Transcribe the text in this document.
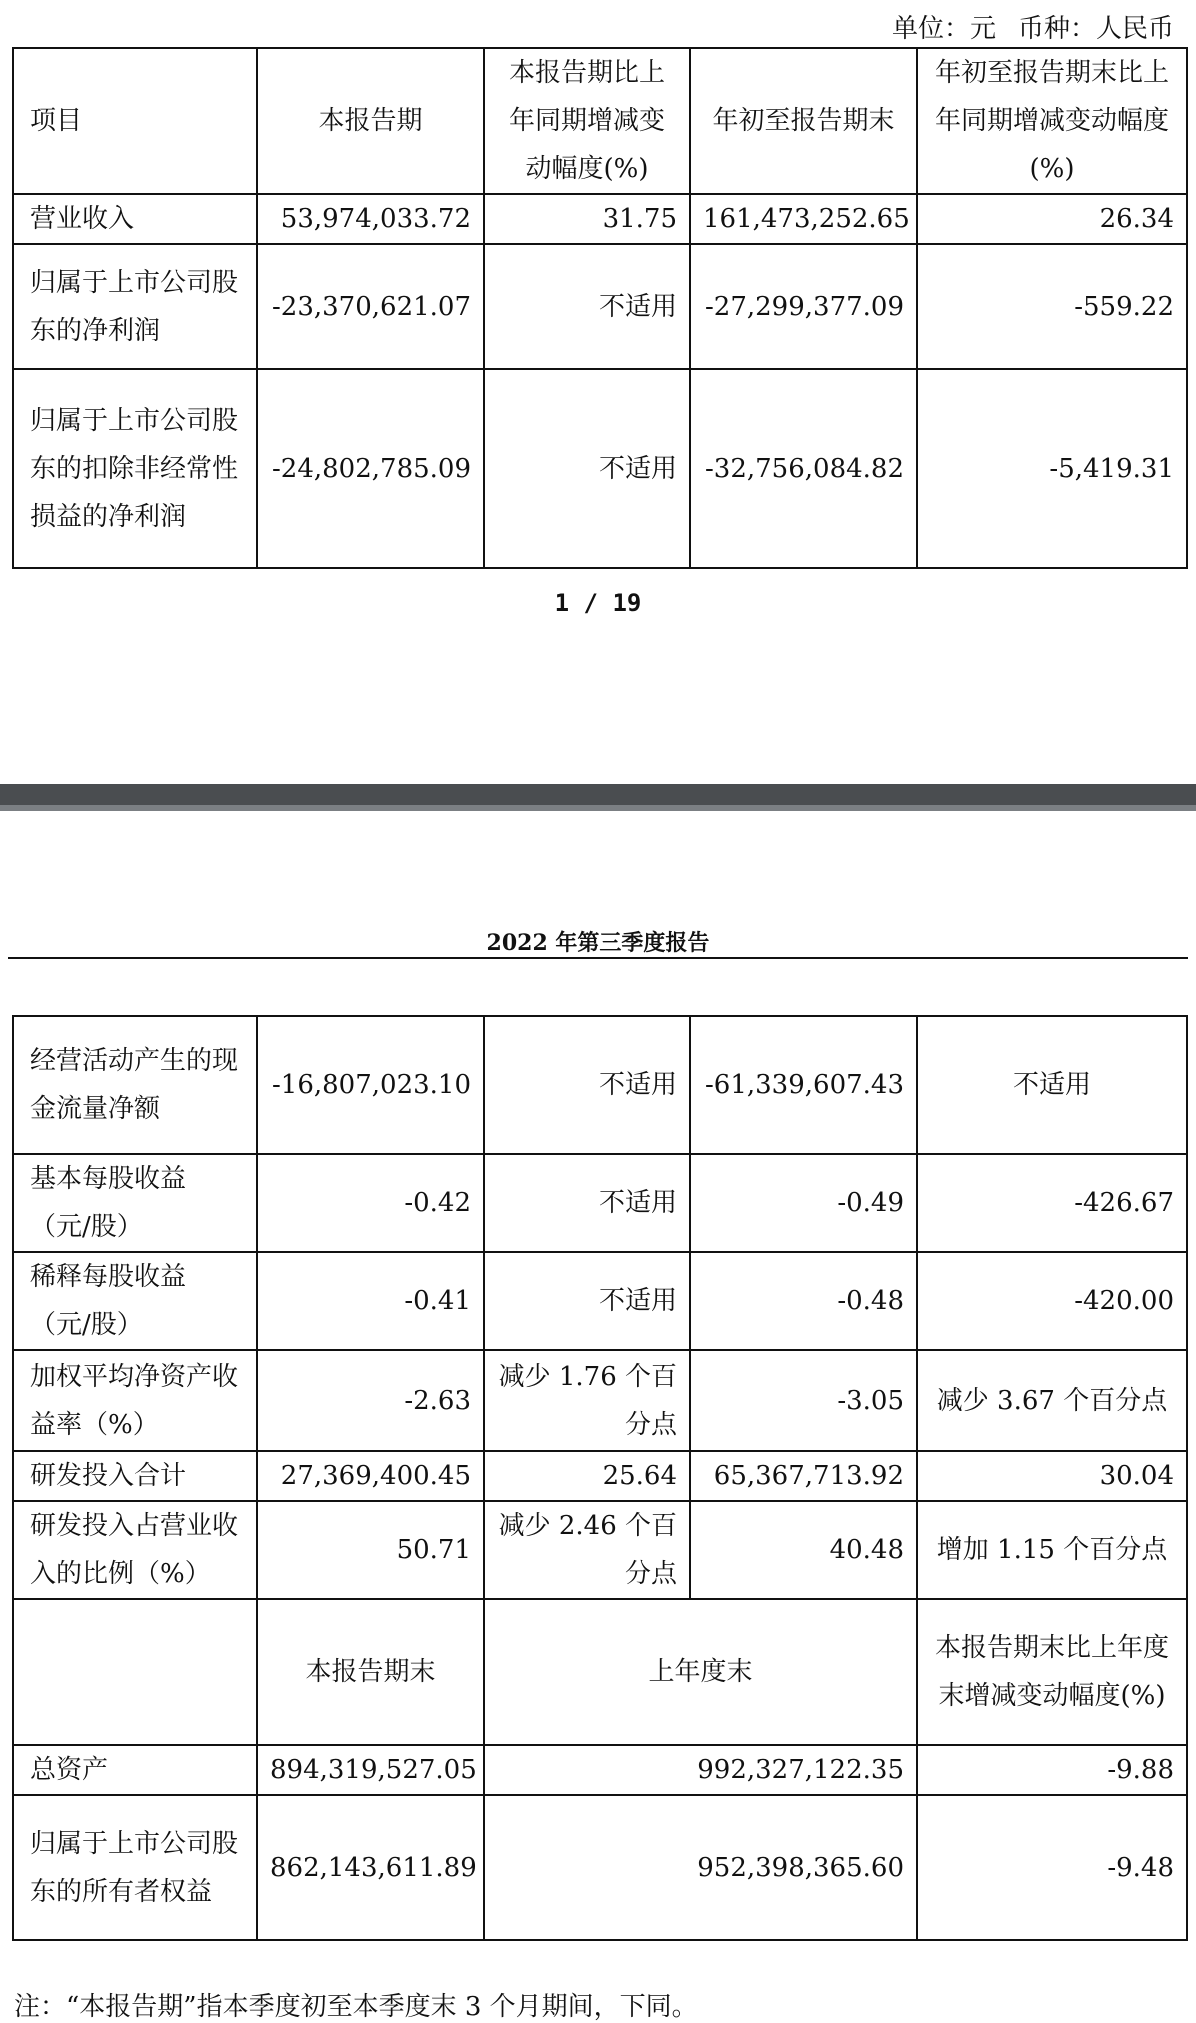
单位：元 币种：人民币
项目	本报告期	本报告期比上年同期增减变动幅度(%)	年初至报告期末	年初至报告期末比上年同期增减变动幅度(%)
营业收入	53,974,033.72	31.75	161,473,252.65	26.34
归属于上市公司股东的净利润	-23,370,621.07	不适用	-27,299,377.09	-559.22
归属于上市公司股东的扣除非经常性损益的净利润	-24,802,785.09	不适用	-32,756,084.82	-5,419.31
1 / 19
2022 年第三季度报告
经营活动产生的现金流量净额	-16,807,023.10	不适用	-61,339,607.43	不适用
基本每股收益（元/股）	-0.42	不适用	-0.49	-426.67
稀释每股收益（元/股）	-0.41	不适用	-0.48	-420.00
加权平均净资产收益率（%）	-2.63	减少 1.76 个百分点	-3.05	减少 3.67 个百分点
研发投入合计	27,369,400.45	25.64	65,367,713.92	30.04
研发投入占营业收入的比例（%）	50.71	减少 2.46 个百分点	40.48	增加 1.15 个百分点
	本报告期末	上年度末		本报告期末比上年度末增减变动幅度(%)
总资产	894,319,527.05	992,327,122.35		-9.88
归属于上市公司股东的所有者权益	862,143,611.89	952,398,365.60		-9.48
注：“本报告期”指本季度初至本季度末 3 个月期间，下同。
